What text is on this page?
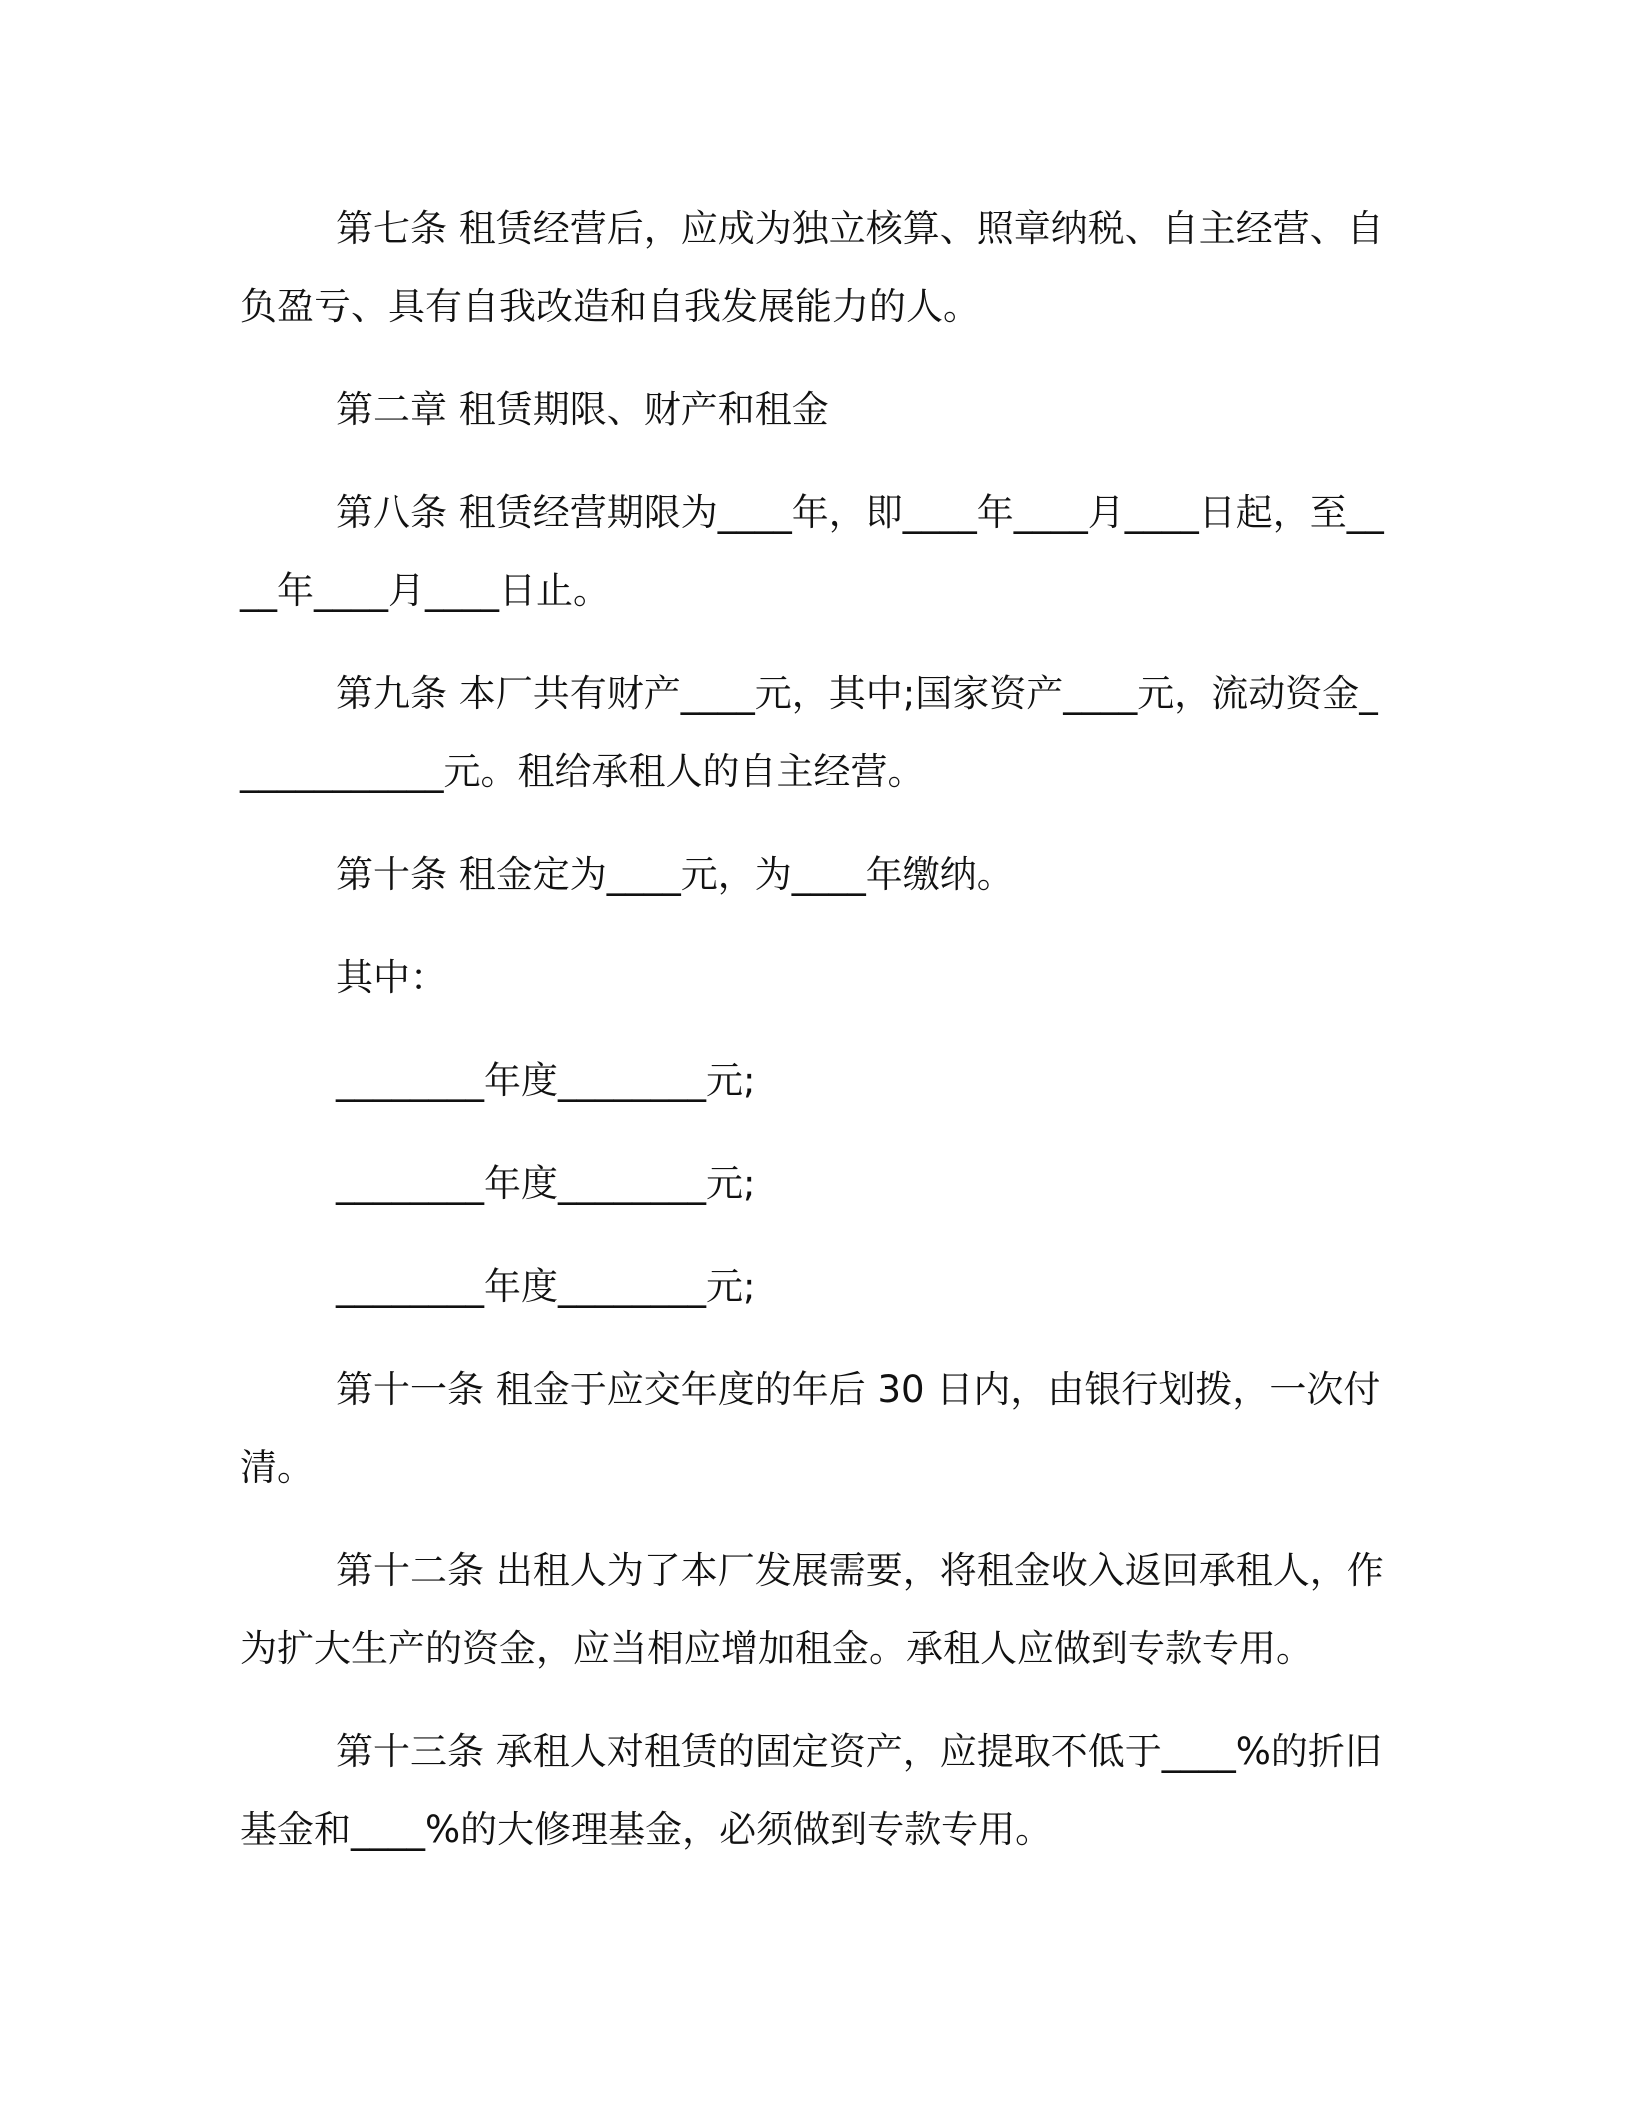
第七条 租赁经营后，应成为独立核算、照章纳税、自主经营、自负盈亏、具有自我改造和自我发展能力的人。

第二章 租赁期限、财产和租金

第八条 租赁经营期限为____年，即____年____月____日起，至____年____月____日止。

第九条 本厂共有财产____元，其中;国家资产____元，流动资金____________元。租给承租人的自主经营。

第十条 租金定为____元，为____年缴纳。

其中：

________年度________元;

________年度________元;

________年度________元;

第十一条 租金于应交年度的年后 30 日内，由银行划拨，一次付清。

第十二条 出租人为了本厂发展需要，将租金收入返回承租人，作为扩大生产的资金，应当相应增加租金。承租人应做到专款专用。

第十三条 承租人对租赁的固定资产，应提取不低于____%的折旧基金和____%的大修理基金，必须做到专款专用。
